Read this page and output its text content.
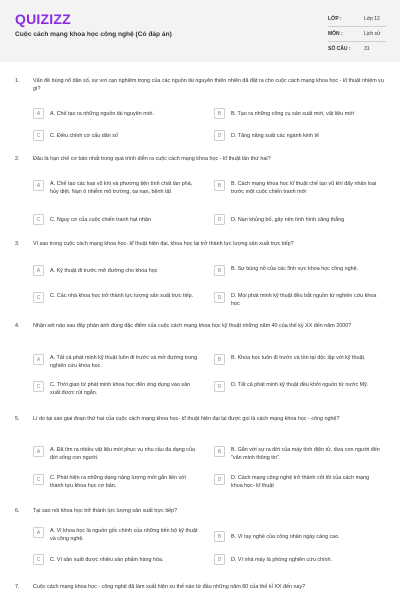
QUIZIZZ
Cuộc cách mạng khoa học công nghệ (Có đáp án)
LỚP :	Lớp 12
MÔN :	Lịch sử
SỐ CÂU :	31
1.	Vấn đề bùng nổ dân số, sự vơi cạn nghiêm trọng của các nguồn tài nguyên thiên nhiên đã đặt ra cho cuộc cách mạng khoa học - kĩ thuật nhiệm vụ gì?
A	A. Chế tạo ra những nguồn tài nguyên mới.	B	B. Tạo ra những công cụ sản xuất mới, vật liệu mới
C	C. Điều chỉnh cơ cấu dân số	D	D. Tăng năng suất các ngành kinh tế
2.	Đâu là hạn chế cơ bản nhất trong quá trình diễn ra cuộc cách mạng khoa học - kĩ thuật lần thứ hai?
A	A. Chế tạo các loại vũ khí và phương tiện tính chất tàn phá, hủy diệt. Nạn ô nhiễm mô trường, tai nạn, bệnh tật
B	B. Cách mạng khoa học kĩ thuật chế tạo vũ khí đẩy nhân loại trước một cuộc chiến tranh mới
C	C. Nguy cơ của cuộc chiến tranh hạt nhân	D	D. Nạn khủng bố, gây nên tình hình căng thẳng
3.	Vì sao trong cuộc cách mạng khoa học- kĩ thuật hiện đại, khoa học lại trở thành lực lượng sản xuất trực tiếp?
A	A. Kỹ thuật đi trước mở đường cho khoa học	B	B. Sự bùng nổ của các lĩnh vực khoa học công nghệ.
C	C. Các nhà khoa học trở thành lực lượng sản xuất trực tiếp.	D	D. Mọi phát minh kỹ thuật đều bắt nguồn từ nghiên cứu khoa học
4.	Nhận xét nào sau đây phản ánh đúng đặc điểm của cuộc cách mạng khoa học kỹ thuật những năm 40 của thế kỷ XX đến năm 2000?
A	A. Tất cả phát minh kỹ thuật luôn đi trước và mở đường trong nghiên cứu khoa học.
B	B. Khoa học luôn đi trước và tồn tại độc lập với kỹ thuật.
C	C. Thời gian từ phát minh khoa học đến ứng dụng vào sản xuất được rút ngắn.
D	D. Tất cả phát minh kỹ thuật đều khởi nguồn từ nước Mỹ.
5.	Lí do tại sao giai đoạn thứ hai của cuộc cách mạng khoa học- kĩ thuật hiện đại lại được gọi là cách mạng khoa học - công nghệ?
A	A. Đã tìm ra nhiều vật liệu mới phục vụ nhu cầu đa dạng của đời sống con người.
B	B. Gắn với sự ra đời của máy tính điện tử, đưa con người đến "văn minh thông tin".
C	C. Phát hiện ra những dạng năng lượng mới gắn liền với thành tựu khoa học cơ bản.
D	D. Cách mạng công nghệ trở thành cốt lõi của cách mạng khoa học- kĩ thuật
6.	Tại sao nói khoa học trở thành lực lượng sản xuất trực tiếp?
A	A. Vì khoa học là nguồn gốc chính của những tiến bộ kỹ thuật và công nghệ.	B	B. Vì tay nghề của công nhân ngày càng cao.
C	C. Vì sản xuất được nhiều sản phẩm hàng hóa.	D	D. Vì nhà máy là phòng nghiên cứu chính.
7.	Cuộc cách mạng khoa học - công nghệ đã làm xuất hiện xu thế nào từ đầu những năm 80 của thế kỉ XX đến nay?
